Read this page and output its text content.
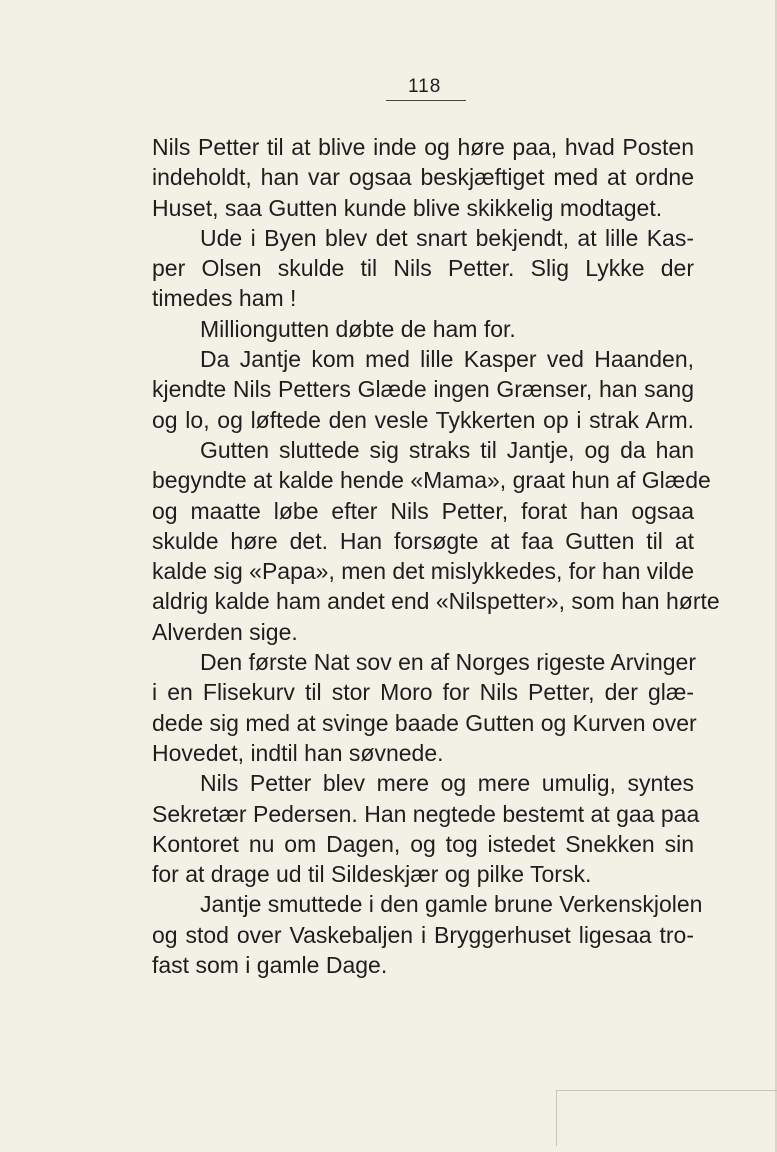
118
Nils Petter til at blive inde og høre paa, hvad Posten
indeholdt, han var ogsaa beskjæftiget med at ordne
Huset, saa Gutten kunde blive skikkelig modtaget.
Ude i Byen blev det snart bekjendt, at lille Kas-
per Olsen skulde til Nils Petter. Slig Lykke der
timedes ham !
Milliongutten døbte de ham for.
Da Jantje kom med lille Kasper ved Haanden,
kjendte Nils Petters Glæde ingen Grænser, han sang
og lo, og løftede den vesle Tykkerten op i strak Arm.
Gutten sluttede sig straks til Jantje, og da han
begyndte at kalde hende «Mama», graat hun af Glæde
og maatte løbe efter Nils Petter, forat han ogsaa
skulde høre det. Han forsøgte at faa Gutten til at
kalde sig «Papa», men det mislykkedes, for han vilde
aldrig kalde ham andet end «Nilspetter», som han hørte
Alverden sige.
Den første Nat sov en af Norges rigeste Arvinger
i en Flisekurv til stor Moro for Nils Petter, der glæ-
dede sig med at svinge baade Gutten og Kurven over
Hovedet, indtil han søvnede.
Nils Petter blev mere og mere umulig, syntes
Sekretær Pedersen. Han negtede bestemt at gaa paa
Kontoret nu om Dagen, og tog istedet Snekken sin
for at drage ud til Sildeskjær og pilke Torsk.
Jantje smuttede i den gamle brune Verkenskjolen
og stod over Vaskebaljen i Bryggerhuset ligesaa tro-
fast som i gamle Dage.
